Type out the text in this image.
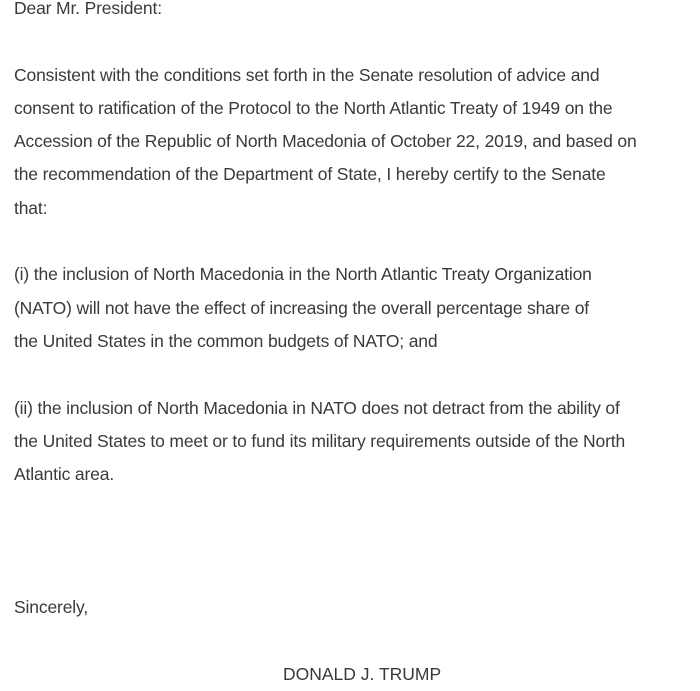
Dear Mr. President:
Consistent with the conditions set forth in the Senate resolution of advice and
consent to ratification of the Protocol to the North Atlantic Treaty of 1949 on the
Accession of the Republic of North Macedonia of October 22, 2019, and based on
the recommendation of the Department of State, I hereby certify to the Senate
that:
(i) the inclusion of North Macedonia in the North Atlantic Treaty Organization
(NATO) will not have the effect of increasing the overall percentage share of
the United States in the common budgets of NATO; and
(ii) the inclusion of North Macedonia in NATO does not detract from the ability of
the United States to meet or to fund its military requirements outside of the North
Atlantic area.
Sincerely,
DONALD J. TRUMP
